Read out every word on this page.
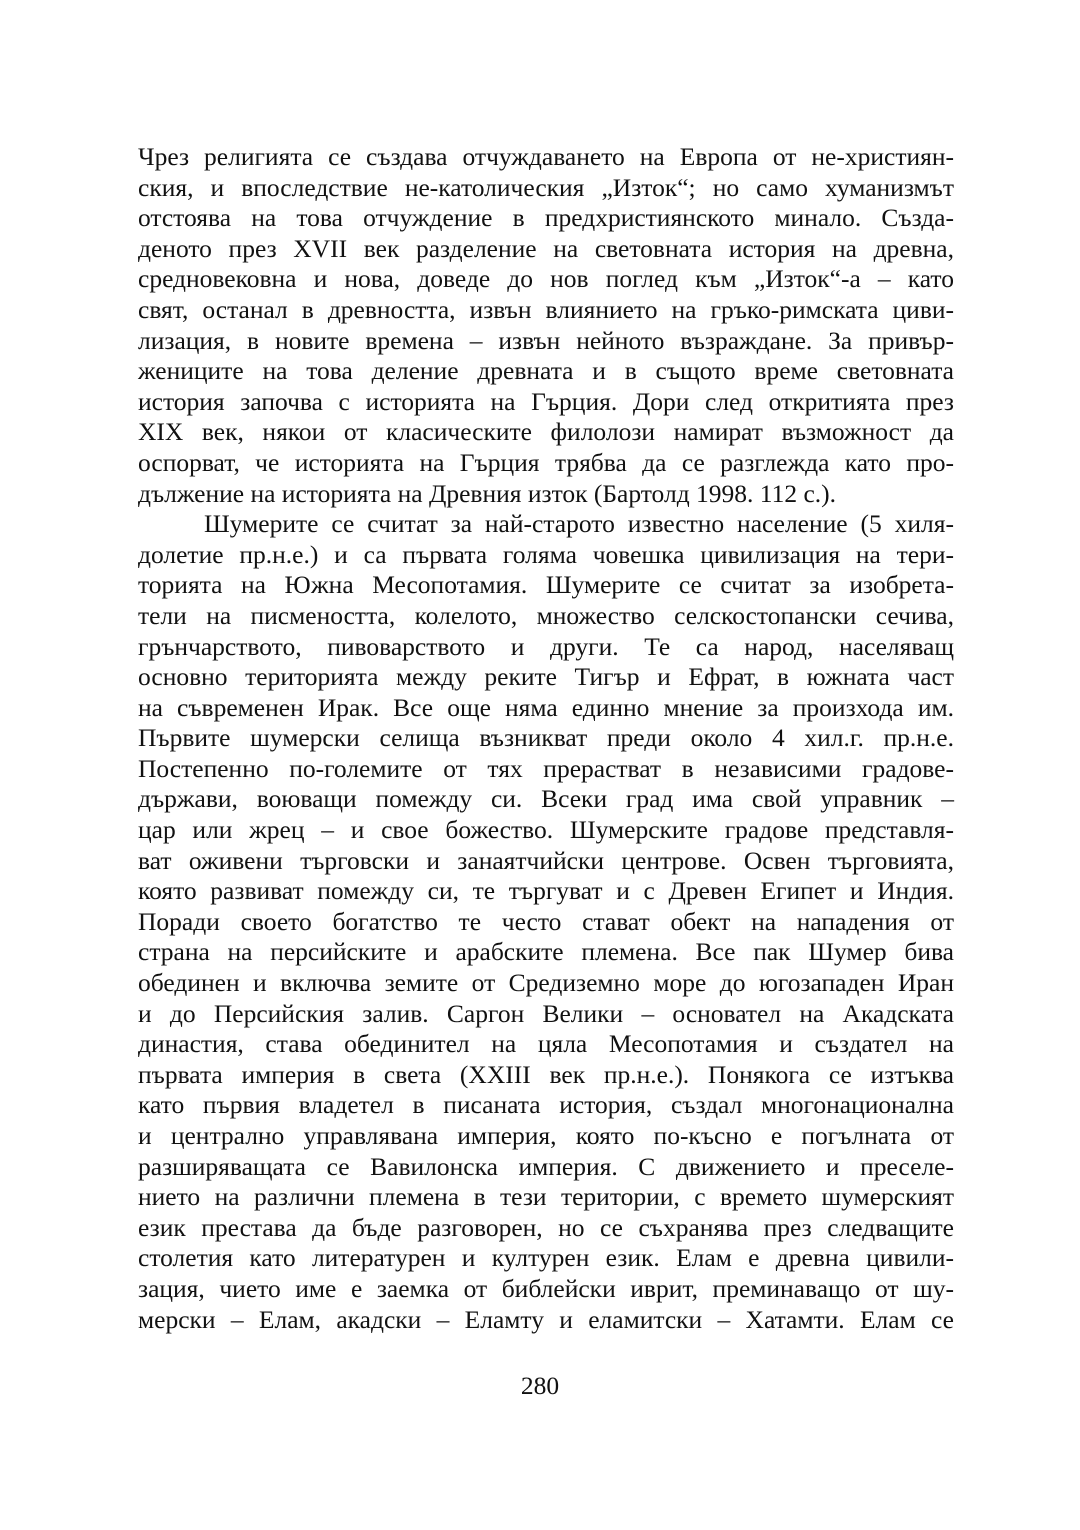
Чрез религията се създава отчуждаването на Европа от не-християн-
ския, и впоследствие не-католическия „Изток“; но само хуманизмът
отстоява на това отчуждение в предхристиянското минало. Създа-
деното през XVII век разделение на световната история на древна,
средновековна и нова, доведе до нов поглед към „Изток“-а – като
свят, останал в древността, извън влиянието на гръко-римската циви-
лизация, в новите времена – извън нейното възраждане. За привър-
жениците на това деление древната и в същото време световната
история започва с историята на Гърция. Дори след откритията през
XIX век, някои от класическите филолози намират възможност да
оспорват, че историята на Гърция трябва да се разглежда като про-
дължение на историята на Древния изток (Бартолд 1998. 112 с.).
Шумерите се считат за най-старото известно население (5 хиля-
долетие пр.н.е.) и са първата голяма човешка цивилизация на тери-
торията на Южна Месопотамия. Шумерите се считат за изобрета-
тели на писмеността, колелото, множество селскостопански сечива,
грънчарството, пивоварството и други. Те са народ, населяващ
основно територията между реките Тигър и Ефрат, в южната част
на съвременен Ирак. Все още няма единно мнение за произхода им.
Първите шумерски селища възникват преди около 4 хил.г. пр.н.е.
Постепенно по-големите от тях прерастват в независими градове-
държави, воюващи помежду си. Всеки град има свой управник –
цар или жрец – и свое божество. Шумерските градове представля-
ват оживени търговски и занаятчийски центрове. Освен търговията,
която развиват помежду си, те търгуват и с Древен Египет и Индия.
Поради своето богатство те често стават обект на нападения от
страна на персийските и арабските племена. Все пак Шумер бива
обединен и включва земите от Средиземно море до югозападен Иран
и до Персийския залив. Саргон Велики – основател на Акадската
династия, става обединител на цяла Месопотамия и създател на
първата империя в света (XXIII век пр.н.е.). Понякога се изтъква
като първия владетел в писаната история, създал многонационална
и централно управлявана империя, която по-късно е погълната от
разширяващата се Вавилонска империя. С движението и преселе-
нието на различни племена в тези територии, с времето шумерският
език престава да бъде разговорен, но се съхранява през следващите
столетия като литературен и културен език. Елам е древна цивили-
зация, чието име е заемка от библейски иврит, преминаващо от шу-
мерски – Елам, акадски – Еламту и еламитски – Хатамти. Елам се
280
